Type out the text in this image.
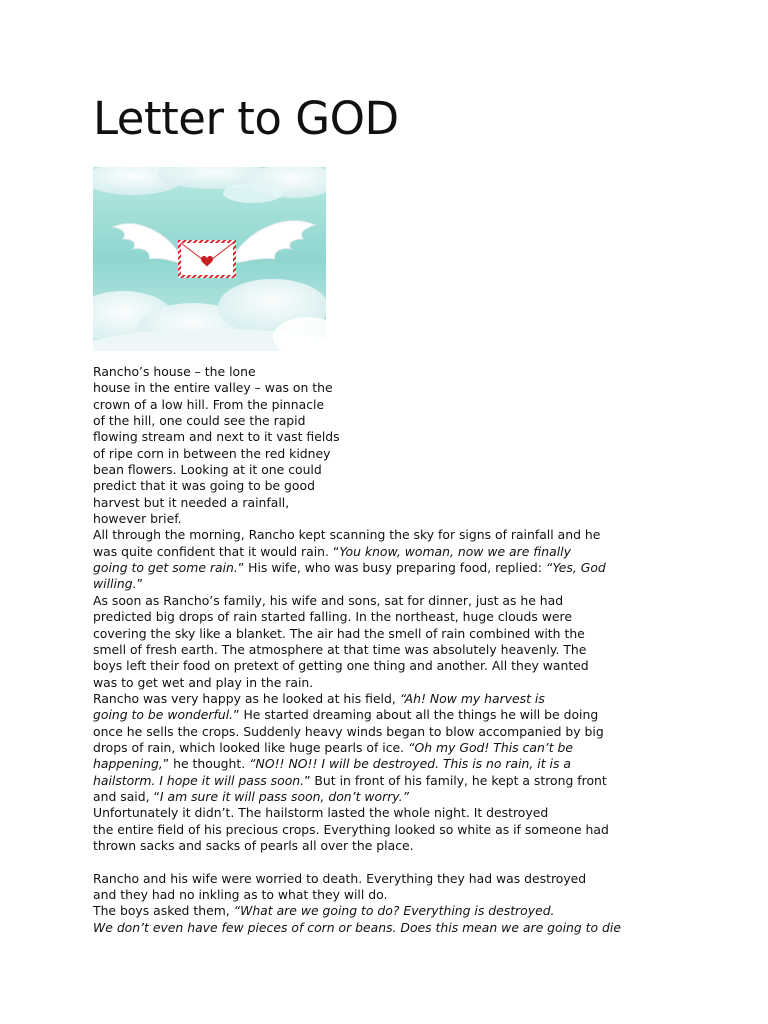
Letter to GOD
Rancho’s house – the lone
house in the entire valley – was on the
crown of a low hill. From the pinnacle
of the hill, one could see the rapid
flowing stream and next to it vast fields
of ripe corn in between the red kidney
bean flowers. Looking at it one could
predict that it was going to be good
harvest but it needed a rainfall,
however brief.
All through the morning, Rancho kept scanning the sky for signs of rainfall and he
was quite confident that it would rain. “You know, woman, now we are finally
going to get some rain.” His wife, who was busy preparing food, replied: “Yes, God
willing.”
As soon as Rancho’s family, his wife and sons, sat for dinner, just as he had
predicted big drops of rain started falling. In the northeast, huge clouds were
covering the sky like a blanket. The air had the smell of rain combined with the
smell of fresh earth. The atmosphere at that time was absolutely heavenly. The
boys left their food on pretext of getting one thing and another. All they wanted
was to get wet and play in the rain.
Rancho was very happy as he looked at his field, “Ah! Now my harvest is
going to be wonderful.” He started dreaming about all the things he will be doing
once he sells the crops. Suddenly heavy winds began to blow accompanied by big
drops of rain, which looked like huge pearls of ice. “Oh my God! This can’t be
happening,” he thought. “NO!! NO!! I will be destroyed. This is no rain, it is a
hailstorm. I hope it will pass soon.” But in front of his family, he kept a strong front
and said, “I am sure it will pass soon, don’t worry.”
Unfortunately it didn’t. The hailstorm lasted the whole night. It destroyed
the entire field of his precious crops. Everything looked so white as if someone had
thrown sacks and sacks of pearls all over the place.
Rancho and his wife were worried to death. Everything they had was destroyed
and they had no inkling as to what they will do.
The boys asked them, “What are we going to do? Everything is destroyed.
We don’t even have few pieces of corn or beans. Does this mean we are going to die
